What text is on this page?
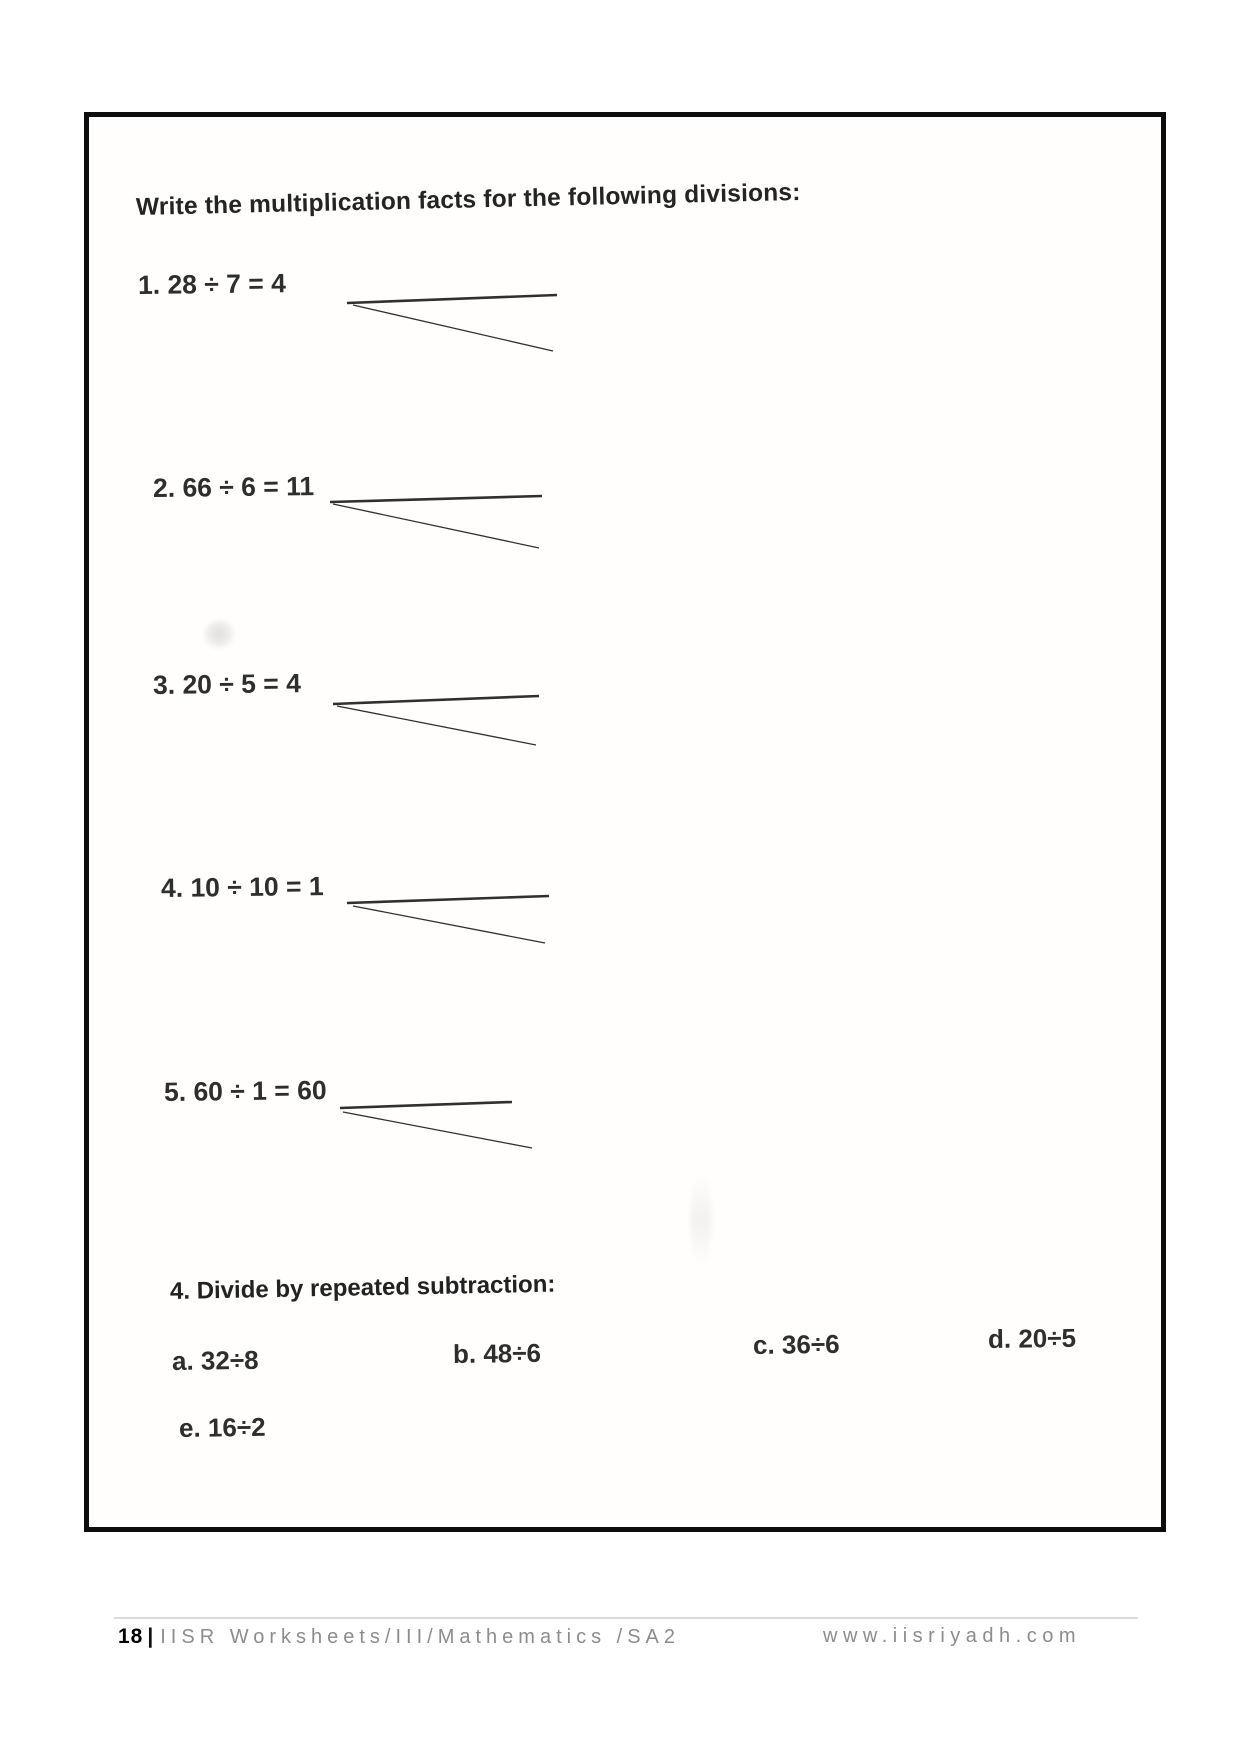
Write the multiplication facts for the following divisions:
1. 28 ÷ 7 = 4
2. 66 ÷ 6 = 11
3. 20 ÷ 5 = 4
4. 10 ÷ 10 = 1
5. 60 ÷ 1 = 60
4. Divide by repeated subtraction:
a. 32÷8	b. 48÷6	c. 36÷6	d. 20÷5
e. 16÷2
18 | IISR Worksheets/III/Mathematics /SA2	www.iisriyadh.com
